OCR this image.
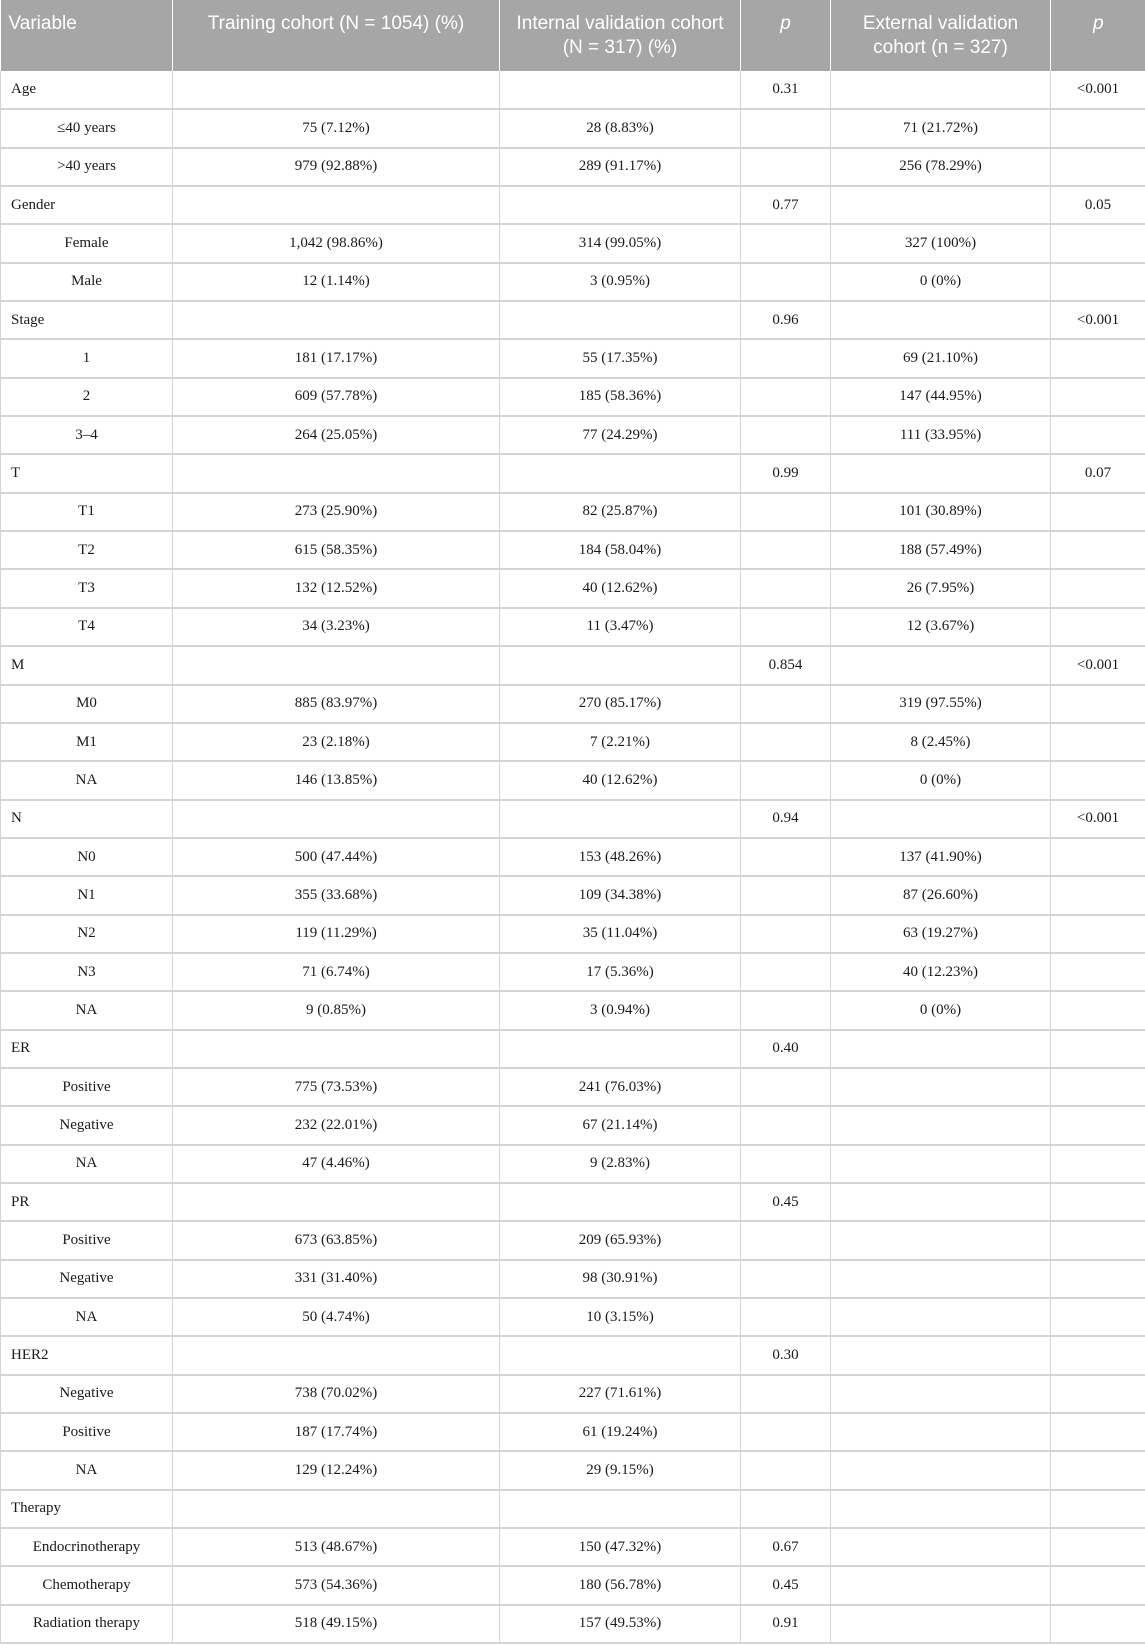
Variable	Training cohort (N = 1054) (%)	Internal validation cohort (N = 317) (%)	p	External validation cohort (n = 327)	p
Age			0.31		<0.001
≤40 years	75 (7.12%)	28 (8.83%)		71 (21.72%)	
>40 years	979 (92.88%)	289 (91.17%)		256 (78.29%)	
Gender			0.77		0.05
Female	1,042 (98.86%)	314 (99.05%)		327 (100%)	
Male	12 (1.14%)	3 (0.95%)		0 (0%)	
Stage			0.96		<0.001
1	181 (17.17%)	55 (17.35%)		69 (21.10%)	
2	609 (57.78%)	185 (58.36%)		147 (44.95%)	
3–4	264 (25.05%)	77 (24.29%)		111 (33.95%)	
T			0.99		0.07
T1	273 (25.90%)	82 (25.87%)		101 (30.89%)	
T2	615 (58.35%)	184 (58.04%)		188 (57.49%)	
T3	132 (12.52%)	40 (12.62%)		26 (7.95%)	
T4	34 (3.23%)	11 (3.47%)		12 (3.67%)	
M			0.854		<0.001
M0	885 (83.97%)	270 (85.17%)		319 (97.55%)	
M1	23 (2.18%)	7 (2.21%)		8 (2.45%)	
NA	146 (13.85%)	40 (12.62%)		0 (0%)	
N			0.94		<0.001
N0	500 (47.44%)	153 (48.26%)		137 (41.90%)	
N1	355 (33.68%)	109 (34.38%)		87 (26.60%)	
N2	119 (11.29%)	35 (11.04%)		63 (19.27%)	
N3	71 (6.74%)	17 (5.36%)		40 (12.23%)	
NA	9 (0.85%)	3 (0.94%)		0 (0%)	
ER			0.40		
Positive	775 (73.53%)	241 (76.03%)			
Negative	232 (22.01%)	67 (21.14%)			
NA	47 (4.46%)	9 (2.83%)			
PR			0.45		
Positive	673 (63.85%)	209 (65.93%)			
Negative	331 (31.40%)	98 (30.91%)			
NA	50 (4.74%)	10 (3.15%)			
HER2			0.30		
Negative	738 (70.02%)	227 (71.61%)			
Positive	187 (17.74%)	61 (19.24%)			
NA	129 (12.24%)	29 (9.15%)			
Therapy					
Endocrinotherapy	513 (48.67%)	150 (47.32%)	0.67		
Chemotherapy	573 (54.36%)	180 (56.78%)	0.45		
Radiation therapy	518 (49.15%)	157 (49.53%)	0.91		
